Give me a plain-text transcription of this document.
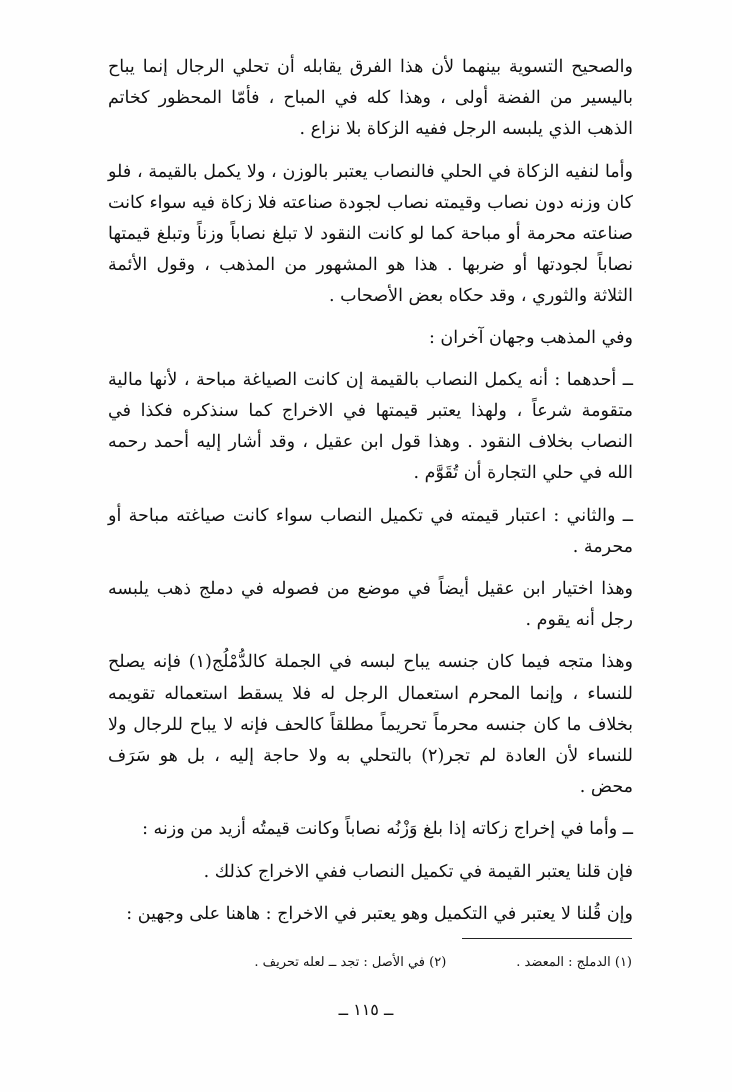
والصحيح التسوية بينهما لأن هذا الفرق يقابله أن تحلي الرجال إنما يباح باليسير من الفضة أولى ، وهذا كله في المباح ، فأمّا المحظور كخاتم الذهب الذي يلبسه الرجل ففيه الزكاة بلا نزاع .

وأما لنفيه الزكاة في الحلي فالنصاب يعتبر بالوزن ، ولا يكمل بالقيمة ، فلو كان وزنه دون نصاب وقيمته نصاب لجودة صناعته فلا زكاة فيه سواء كانت صناعته محرمة أو مباحة كما لو كانت النقود لا تبلغ نصاباً وزناً وتبلغ قيمتها نصاباً لجودتها أو ضربها . هذا هو المشهور من المذهب ، وقول الأئمة الثلاثة والثوري ، وقد حكاه بعض الأصحاب .

وفي المذهب وجهان آخران :

ــ أحدهما : أنه يكمل النصاب بالقيمة إن كانت الصياغة مباحة ، لأنها مالية متقومة شرعاً ، ولهذا يعتبر قيمتها في الاخراج كما سنذكره فكذا في النصاب بخلاف النقود . وهذا قول ابن عقيل ، وقد أشار إليه أحمد رحمه الله في حلي التجارة أن تُقَوَّم .

ــ والثاني : اعتبار قيمته في تكميل النصاب سواء كانت صياغته مباحة أو محرمة .

وهذا اختيار ابن عقيل أيضاً في موضع من فصوله في دملج ذهب يلبسه رجل أنه يقوم .

وهذا متجه فيما كان جنسه يباح لبسه في الجملة كالدُّمْلُج(١) فإنه يصلح للنساء ، وإنما المحرم استعمال الرجل له فلا يسقط استعماله تقويمه بخلاف ما كان جنسه محرماً تحريماً مطلقاً كالحف فإنه لا يباح للرجال ولا للنساء لأن العادة لم تجر(٢) بالتحلي به ولا حاجة إليه ، بل هو سَرَف محض .

ــ وأما في إخراج زكاته إذا بلغ وَزْنُه نصاباً وكانت قيمتُه أزيد من وزنه :

فإن قلنا يعتبر القيمة في تكميل النصاب ففي الاخراج كذلك .

وإن قُلنا لا يعتبر في التكميل وهو يعتبر في الاخراج : هاهنا على وجهين :

(١) الدملج : المعضد .
(٢) في الأصل : تجد ــ لعله تحريف .
ــ ١١٥ ــ
